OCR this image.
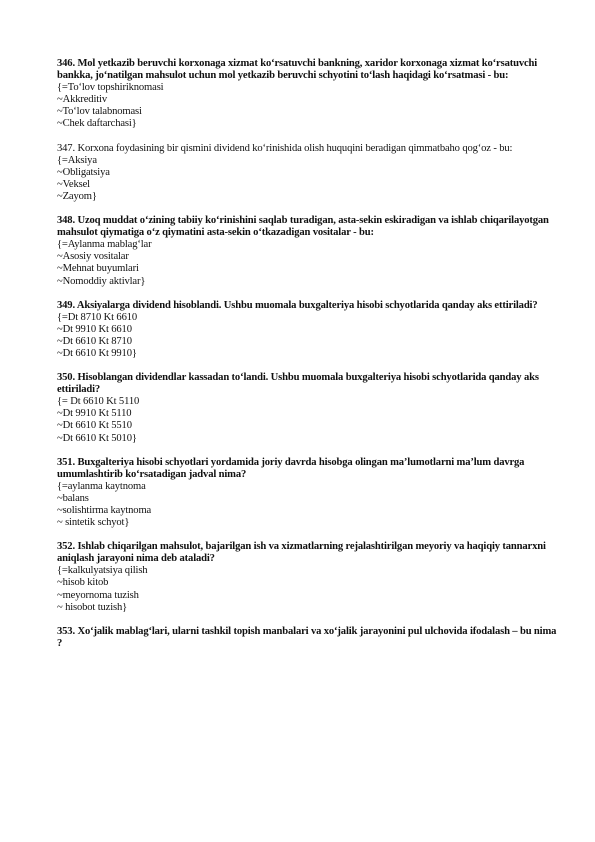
346. Mol yetkazib beruvchi korxonaga xizmat ko‘rsatuvchi bankning, xaridor korxonaga xizmat ko‘rsatuvchi bankka, jo‘natilgan mahsulot uchun mol yetkazib beruvchi schyotini to‘lash haqidagi ko‘rsatmasi - bu:

{=To‘lov topshiriknomasi

~Akkreditiv

~To‘lov talabnomasi

~Chek daftarchasi}

347. Korxona foydasining bir qismini dividend ko‘rinishida olish huquqini beradigan qimmatbaho qog‘oz - bu:

{=Aksiya

~Obligatsiya

~Veksel

~Zayom}

348. Uzoq muddat o‘zining tabiiy ko‘rinishini saqlab turadigan, asta-sekin eskiradigan va ishlab chiqarilayotgan mahsulot qiymatiga o‘z qiymatini asta-sekin o‘tkazadigan vositalar - bu:

{=Aylanma mablag‘lar

~Asosiy vositalar

~Mehnat buyumlari

~Nomoddiy aktivlar}

349. Aksiyalarga dividend hisoblandi. Ushbu muomala buxgalteriya hisobi schyotlarida qanday aks ettiriladi?

{=Dt 8710 Kt 6610

~Dt 9910 Kt 6610

~Dt 6610 Kt 8710

~Dt 6610 Kt 9910}

350. Hisoblangan dividendlar kassadan to‘landi. Ushbu muomala buxgalteriya hisobi schyotlarida qanday aks ettiriladi?

{= Dt 6610 Kt 5110

~Dt 9910 Kt 5110

~Dt 6610 Kt 5510

~Dt 6610 Kt 5010}

351. Buxgalteriya hisobi schyotlari yordamida joriy davrda hisobga olingan ma’lumotlarni ma’lum davrga umumlashtirib ko‘rsatadigan jadval nima?

{=aylanma kaytnoma

~balans

~solishtirma kaytnoma

~ sintetik schyot}

352. Ishlab chiqarilgan mahsulot, bajarilgan ish va xizmatlarning rejalashtirilgan meyoriy va haqiqiy tannarxni aniqlash jarayoni nima deb ataladi?

{=kalkulyatsiya qilish

~hisob kitob

~meyornoma tuzish

~ hisobot tuzish}

353. Xo‘jalik mablag‘lari, ularni tashkil topish manbalari va xo‘jalik jarayonini pul ulchovida ifodalash – bu nima ?
